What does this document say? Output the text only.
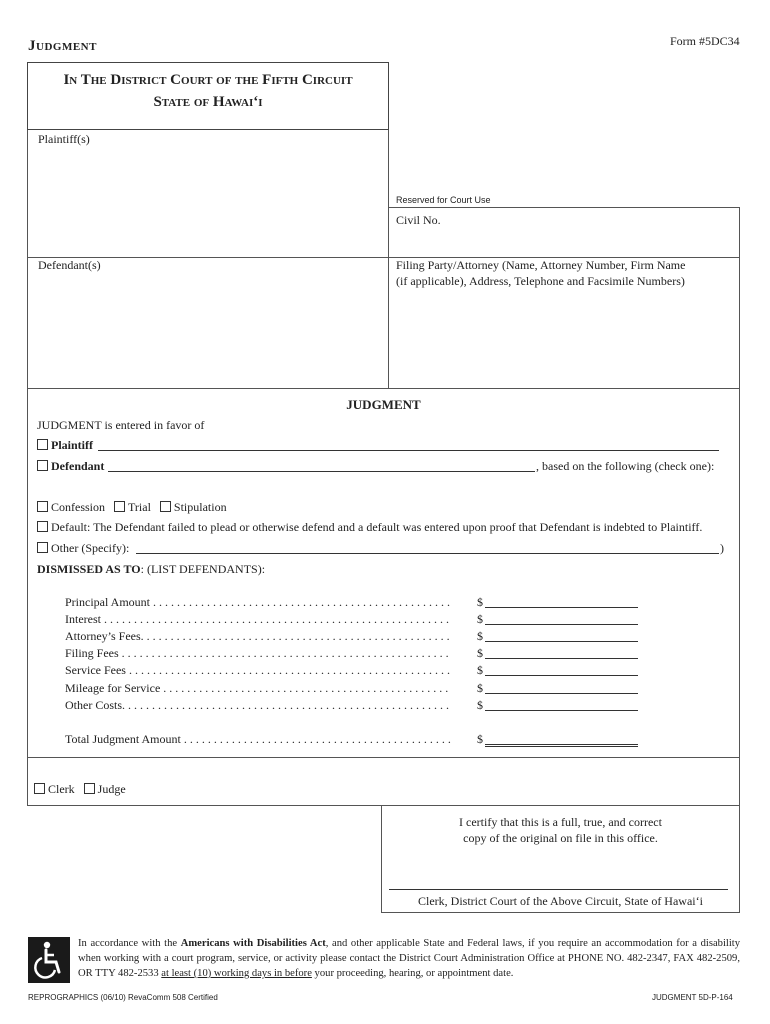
Judgment	Form #5DC34
In The District Court of the Fifth Circuit
State of Hawaiʻi
Plaintiff(s)
Reserved for Court Use
Civil No.
Defendant(s)	Filing Party/Attorney (Name, Attorney Number, Firm Name
(if applicable), Address, Telephone and Facsimile Numbers)
JUDGMENT
JUDGMENT is entered in favor of
Plaintiff
Defendant	, based on the following (check one):
Confession Trial Stipulation
Default: The Defendant failed to plead or otherwise defend and a default was entered upon proof that Defendant is indebted to Plaintiff.
Other (Specify):	)
DISMISSED AS TO: (LIST DEFENDANTS):
Principal Amount . . . . . . . . . . . . . . . . . . . . . . . . . . . . . . . . . . . . . . . . . . . . . . . . . . $
Interest . . . . . . . . . . . . . . . . . . . . . . . . . . . . . . . . . . . . . . . . . . . . . . . . . . . . . . . . . . $
Attorney’s Fees. . . . . . . . . . . . . . . . . . . . . . . . . . . . . . . . . . . . . . . . . . . . . . . . . . . . $
Filing Fees . . . . . . . . . . . . . . . . . . . . . . . . . . . . . . . . . . . . . . . . . . . . . . . . . . . . . . . $
Service Fees . . . . . . . . . . . . . . . . . . . . . . . . . . . . . . . . . . . . . . . . . . . . . . . . . . . . . . $
Mileage for Service . . . . . . . . . . . . . . . . . . . . . . . . . . . . . . . . . . . . . . . . . . . . . . . . $
Other Costs. . . . . . . . . . . . . . . . . . . . . . . . . . . . . . . . . . . . . . . . . . . . . . . . . . . . . . . $
Total Judgment Amount . . . . . . . . . . . . . . . . . . . . . . . . . . . . . . . . . . . . . . . . . . . . . $
Clerk Judge
I certify that this is a full, true, and correct
copy of the original on file in this office.
Clerk, District Court of the Above Circuit, State of Hawaiʻi
In accordance with the Americans with Disabilities Act, and other applicable State and Federal laws, if you require an accommodation for a disability when working with a court program, service, or activity please contact the District Court Administration Office at PHONE NO. 482-2347, FAX 482-2509, OR TTY 482-2533 at least (10) working days in before your proceeding, hearing, or appointment date.
REPROGRAPHICS (06/10) RevaComm 508 Certified	JUDGMENT 5D-P-164
